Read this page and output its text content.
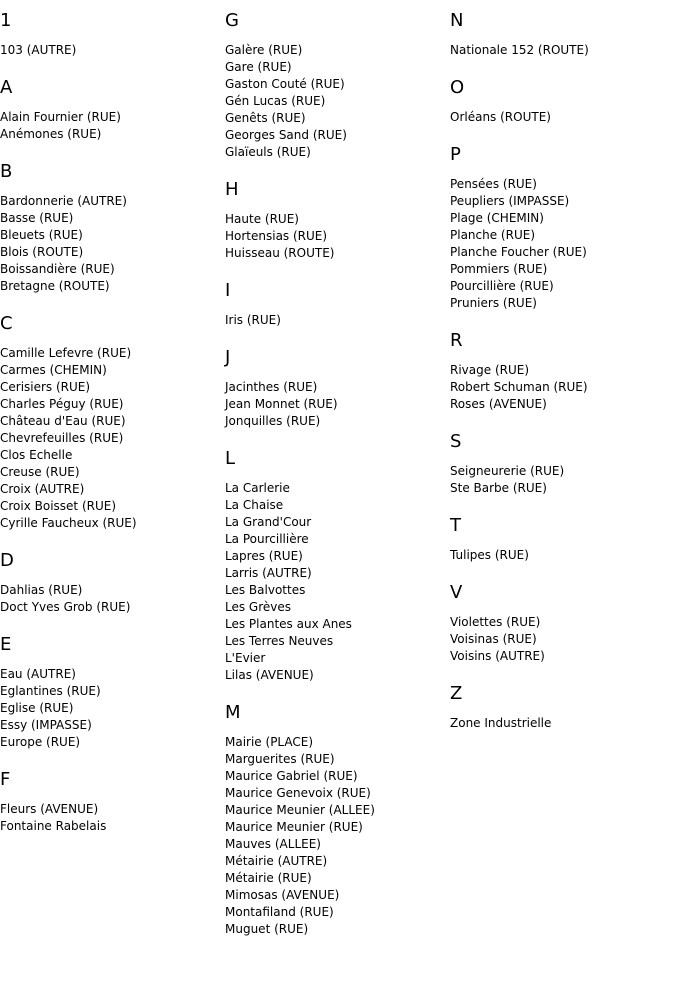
1
103 (AUTRE)
A
Alain Fournier (RUE)
Anémones (RUE)
B
Bardonnerie (AUTRE)
Basse (RUE)
Bleuets (RUE)
Blois (ROUTE)
Boissandière (RUE)
Bretagne (ROUTE)
C
Camille Lefevre (RUE)
Carmes (CHEMIN)
Cerisiers (RUE)
Charles Péguy (RUE)
Château d'Eau (RUE)
Chevrefeuilles (RUE)
Clos Echelle
Creuse (RUE)
Croix (AUTRE)
Croix Boisset (RUE)
Cyrille Faucheux (RUE)
D
Dahlias (RUE)
Doct Yves Grob (RUE)
E
Eau (AUTRE)
Eglantines (RUE)
Eglise (RUE)
Essy (IMPASSE)
Europe (RUE)
F
Fleurs (AVENUE)
Fontaine Rabelais
G
Galère (RUE)
Gare (RUE)
Gaston Couté (RUE)
Gén Lucas (RUE)
Genêts (RUE)
Georges Sand (RUE)
Glaïeuls (RUE)
H
Haute (RUE)
Hortensias (RUE)
Huisseau (ROUTE)
I
Iris (RUE)
J
Jacinthes (RUE)
Jean Monnet (RUE)
Jonquilles (RUE)
L
La Carlerie
La Chaise
La Grand'Cour
La Pourcillière
Lapres (RUE)
Larris (AUTRE)
Les Balvottes
Les Grèves
Les Plantes aux Anes
Les Terres Neuves
L'Evier
Lilas (AVENUE)
M
Mairie (PLACE)
Marguerites (RUE)
Maurice Gabriel (RUE)
Maurice Genevoix (RUE)
Maurice Meunier (ALLEE)
Maurice Meunier (RUE)
Mauves (ALLEE)
Métairie (AUTRE)
Métairie (RUE)
Mimosas (AVENUE)
Montafiland (RUE)
Muguet (RUE)
N
Nationale 152 (ROUTE)
O
Orléans (ROUTE)
P
Pensées (RUE)
Peupliers (IMPASSE)
Plage (CHEMIN)
Planche (RUE)
Planche Foucher (RUE)
Pommiers (RUE)
Pourcillière (RUE)
Pruniers (RUE)
R
Rivage (RUE)
Robert Schuman (RUE)
Roses (AVENUE)
S
Seigneurerie (RUE)
Ste Barbe (RUE)
T
Tulipes (RUE)
V
Violettes (RUE)
Voisinas (RUE)
Voisins (AUTRE)
Z
Zone Industrielle
